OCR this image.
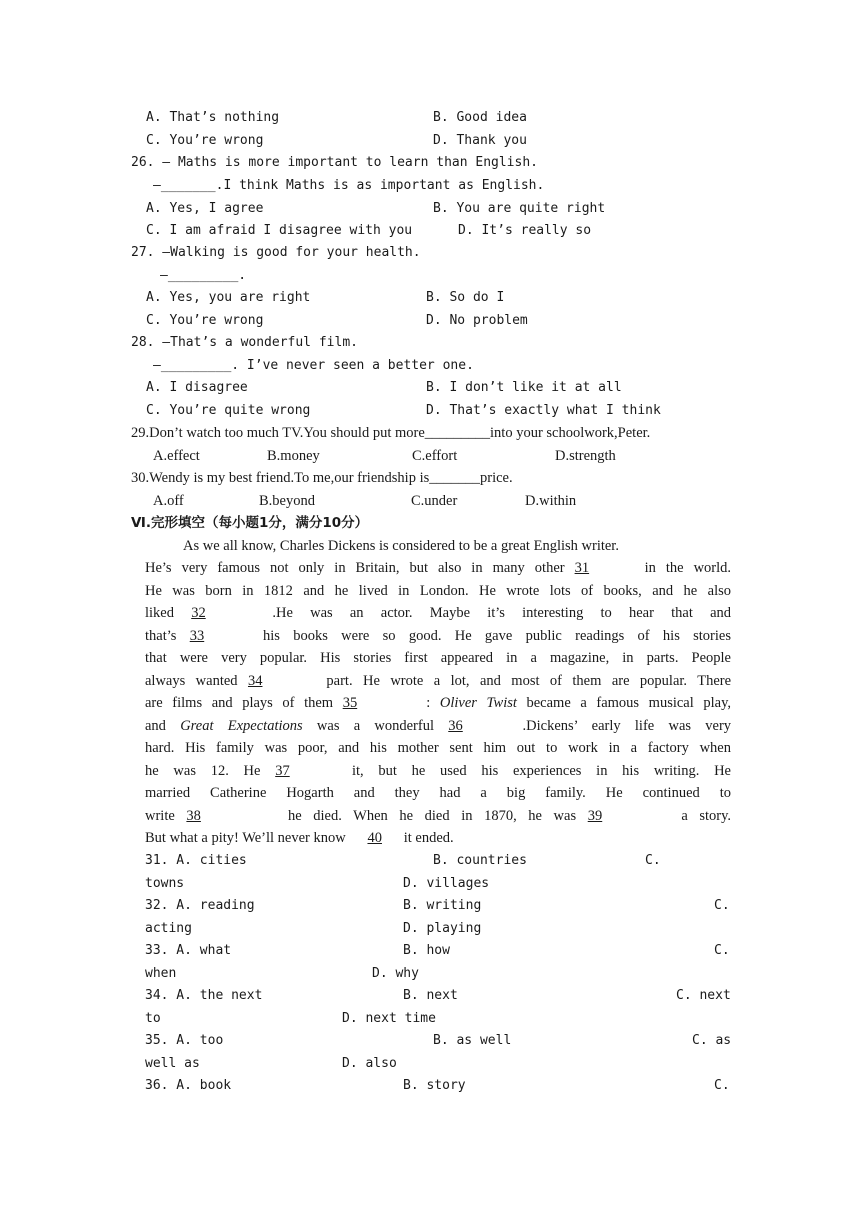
A. That’s nothing	B. Good idea
C. You’re wrong	D. Thank you
26. — Maths is more important to learn than English.
—_______.I think Maths is as important as English.
A. Yes, I agree	B. You are quite right
C. I am afraid I disagree with you	D. It’s really so
27. —Walking is good for your health.
—_________.
A. Yes, you are right	B. So do I
C. You’re wrong	D. No problem
28. —That’s a wonderful film.
—_________. I’ve never seen a better one.
A. I disagree	B. I don’t like it at all
C. You’re quite wrong	D. That’s exactly what I think
29.Don’t watch too much TV.You should put more_________into your schoolwork,Peter.
A.effect	B.money	C.effort	D.strength
30.Wendy is my best friend.To me,our friendship is_______price.
A.off	B.beyond	C.under	D.within
Ⅵ.完形填空（每小题1分，满分10分）
As we all know, Charles Dickens is considered to be a great English writer.
He’s very famous not only in Britain, but also in many other 31	in the world.
He was born in 1812 and he lived in London. He wrote lots of books, and he also
liked 32	.He was an actor. Maybe it’s interesting to hear that and
that’s 33	his books were so good. He gave public readings of his stories
that were very popular. His stories first appeared in a magazine, in parts. People
always wanted 34	part. He wrote a lot, and most of them are popular. There
are films and plays of them 35	: Oliver Twist became a famous musical play,
and Great Expectations was a wonderful 36	.Dickens’ early life was very
hard. His family was poor, and his mother sent him out to work in a factory when
he was 12. He 37	it, but he used his experiences in his writing. He
married Catherine Hogarth and they had a big family. He continued to
write 38	he died. When he died in 1870, he was 39	a story.
But what a pity! We’ll never know 40 it ended.
31. A. cities	B. countries	C.
towns	D. villages
32. A. reading	B. writing	C.
acting	D. playing
33. A. what	B. how	C.
when	D. why
34. A. the next	B. next	C. next
to	D. next time
35. A. too	B. as well	C. as
well as	D. also
36. A. book	B. story	C.
